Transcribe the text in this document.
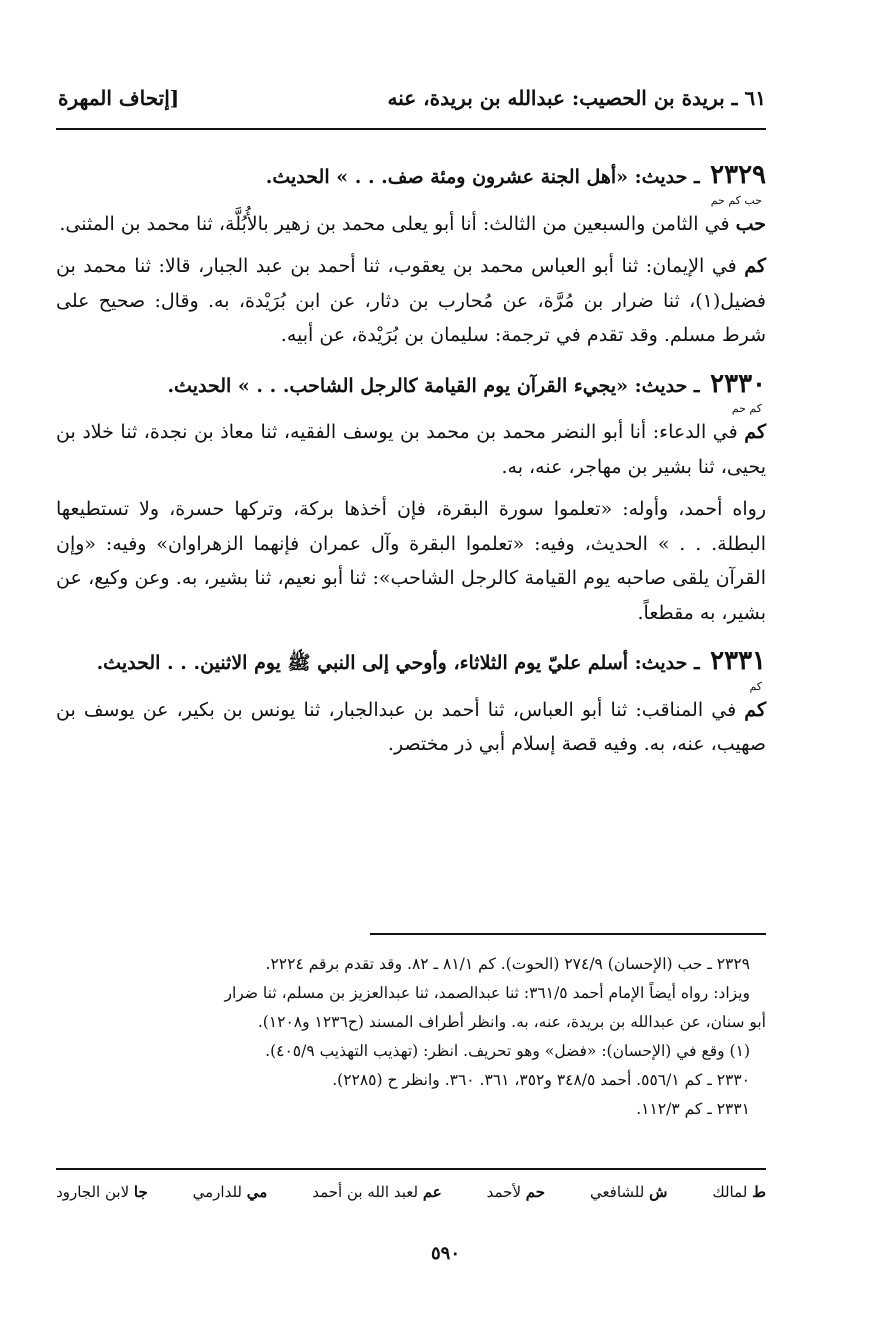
٦١ ـ بريدة بن الحصيب: عبدالله بن بريدة، عنه
[إتحاف المهرة

٢٣٢٩ ـ حديث: «أهل الجنة عشرون ومئة صف. . . » الحديث.

حب كم حم

حب في الثامن والسبعين من الثالث: أنا أبو يعلى محمد بن زهير بالأُبُلَّة، ثنا محمد بن المثنى.

كم في الإيمان: ثنا أبو العباس محمد بن يعقوب، ثنا أحمد بن عبد الجبار، قالا: ثنا محمد بن فضيل(١)، ثنا ضرار بن مُرَّة، عن مُحارب بن دثار، عن ابن بُرَيْدة، به. وقال: صحيح على شرط مسلم. وقد تقدم في ترجمة: سليمان بن بُرَيْدة، عن أبيه.

٢٣٣٠ ـ حديث: «يجيء القرآن يوم القيامة كالرجل الشاحب. . . » الحديث.

كم حم

كم في الدعاء: أنا أبو النضر محمد بن محمد بن يوسف الفقيه، ثنا معاذ بن نجدة، ثنا خلاد بن يحيى، ثنا بشير بن مهاجر، عنه، به.

رواه أحمد، وأوله: «تعلموا سورة البقرة، فإن أخذها بركة، وتركها حسرة، ولا تستطيعها البطلة. . . » الحديث، وفيه: «تعلموا البقرة وآل عمران فإنهما الزهراوان» وفيه: «وإن القرآن يلقى صاحبه يوم القيامة كالرجل الشاحب»: ثنا أبو نعيم، ثنا بشير، به. وعن وكيع، عن بشير، به مقطعاً.

٢٣٣١ ـ حديث: أسلم عليّ يوم الثلاثاء، وأوحي إلى النبي ﷺ يوم الاثنين. . . الحديث.

كم

كم في المناقب: ثنا أبو العباس، ثنا أحمد بن عبدالجبار، ثنا يونس بن بكير، عن يوسف بن صهيب، عنه، به. وفيه قصة إسلام أبي ذر مختصر.

٢٣٢٩ ـ حب (الإحسان) ٢٧٤/٩ (الحوت). كم ٨١/١ ـ ٨٢. وقد تقدم برقم ٢٢٢٤.

ويزاد: رواه أيضاً الإمام أحمد ٣٦١/٥: ثنا عبدالصمد، ثنا عبدالعزيز بن مسلم، ثنا ضرار

أبو سنان، عن عبدالله بن بريدة، عنه، به. وانظر أطراف المسند (ح١٢٣٦ و١٢٠٨).

(١) وقع في (الإحسان): «فضل» وهو تحريف. انظر: (تهذيب التهذيب ٤٠٥/٩).

٢٣٣٠ ـ كم ٥٥٦/١. أحمد ٣٤٨/٥ و٣٥٢، ٣٦١. ٣٦٠. وانظر ح (٢٢٨٥).

٢٣٣١ ـ كم ١١٢/٣.

ط لمالك
ش للشافعي
حم لأحمد
عم لعبد الله بن أحمد
مي للدارمي
جا لابن الجارود
٥٩٠
